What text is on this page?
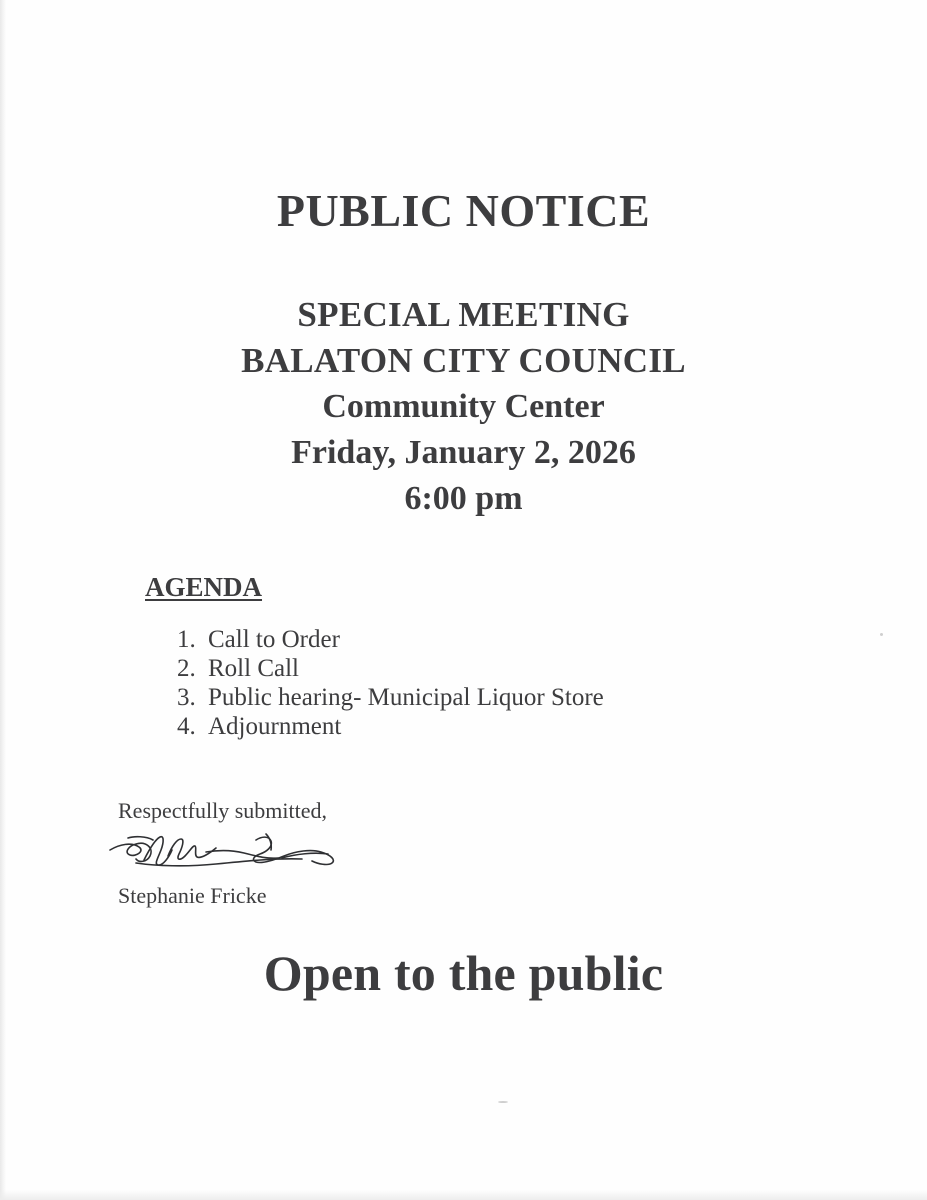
PUBLIC NOTICE
SPECIAL MEETING
BALATON CITY COUNCIL
Community Center
Friday, January 2, 2026
6:00 pm
AGENDA
1. Call to Order
2. Roll Call
3. Public hearing- Municipal Liquor Store
4. Adjournment
Respectfully submitted,
Stephanie Fricke
Open to the public
